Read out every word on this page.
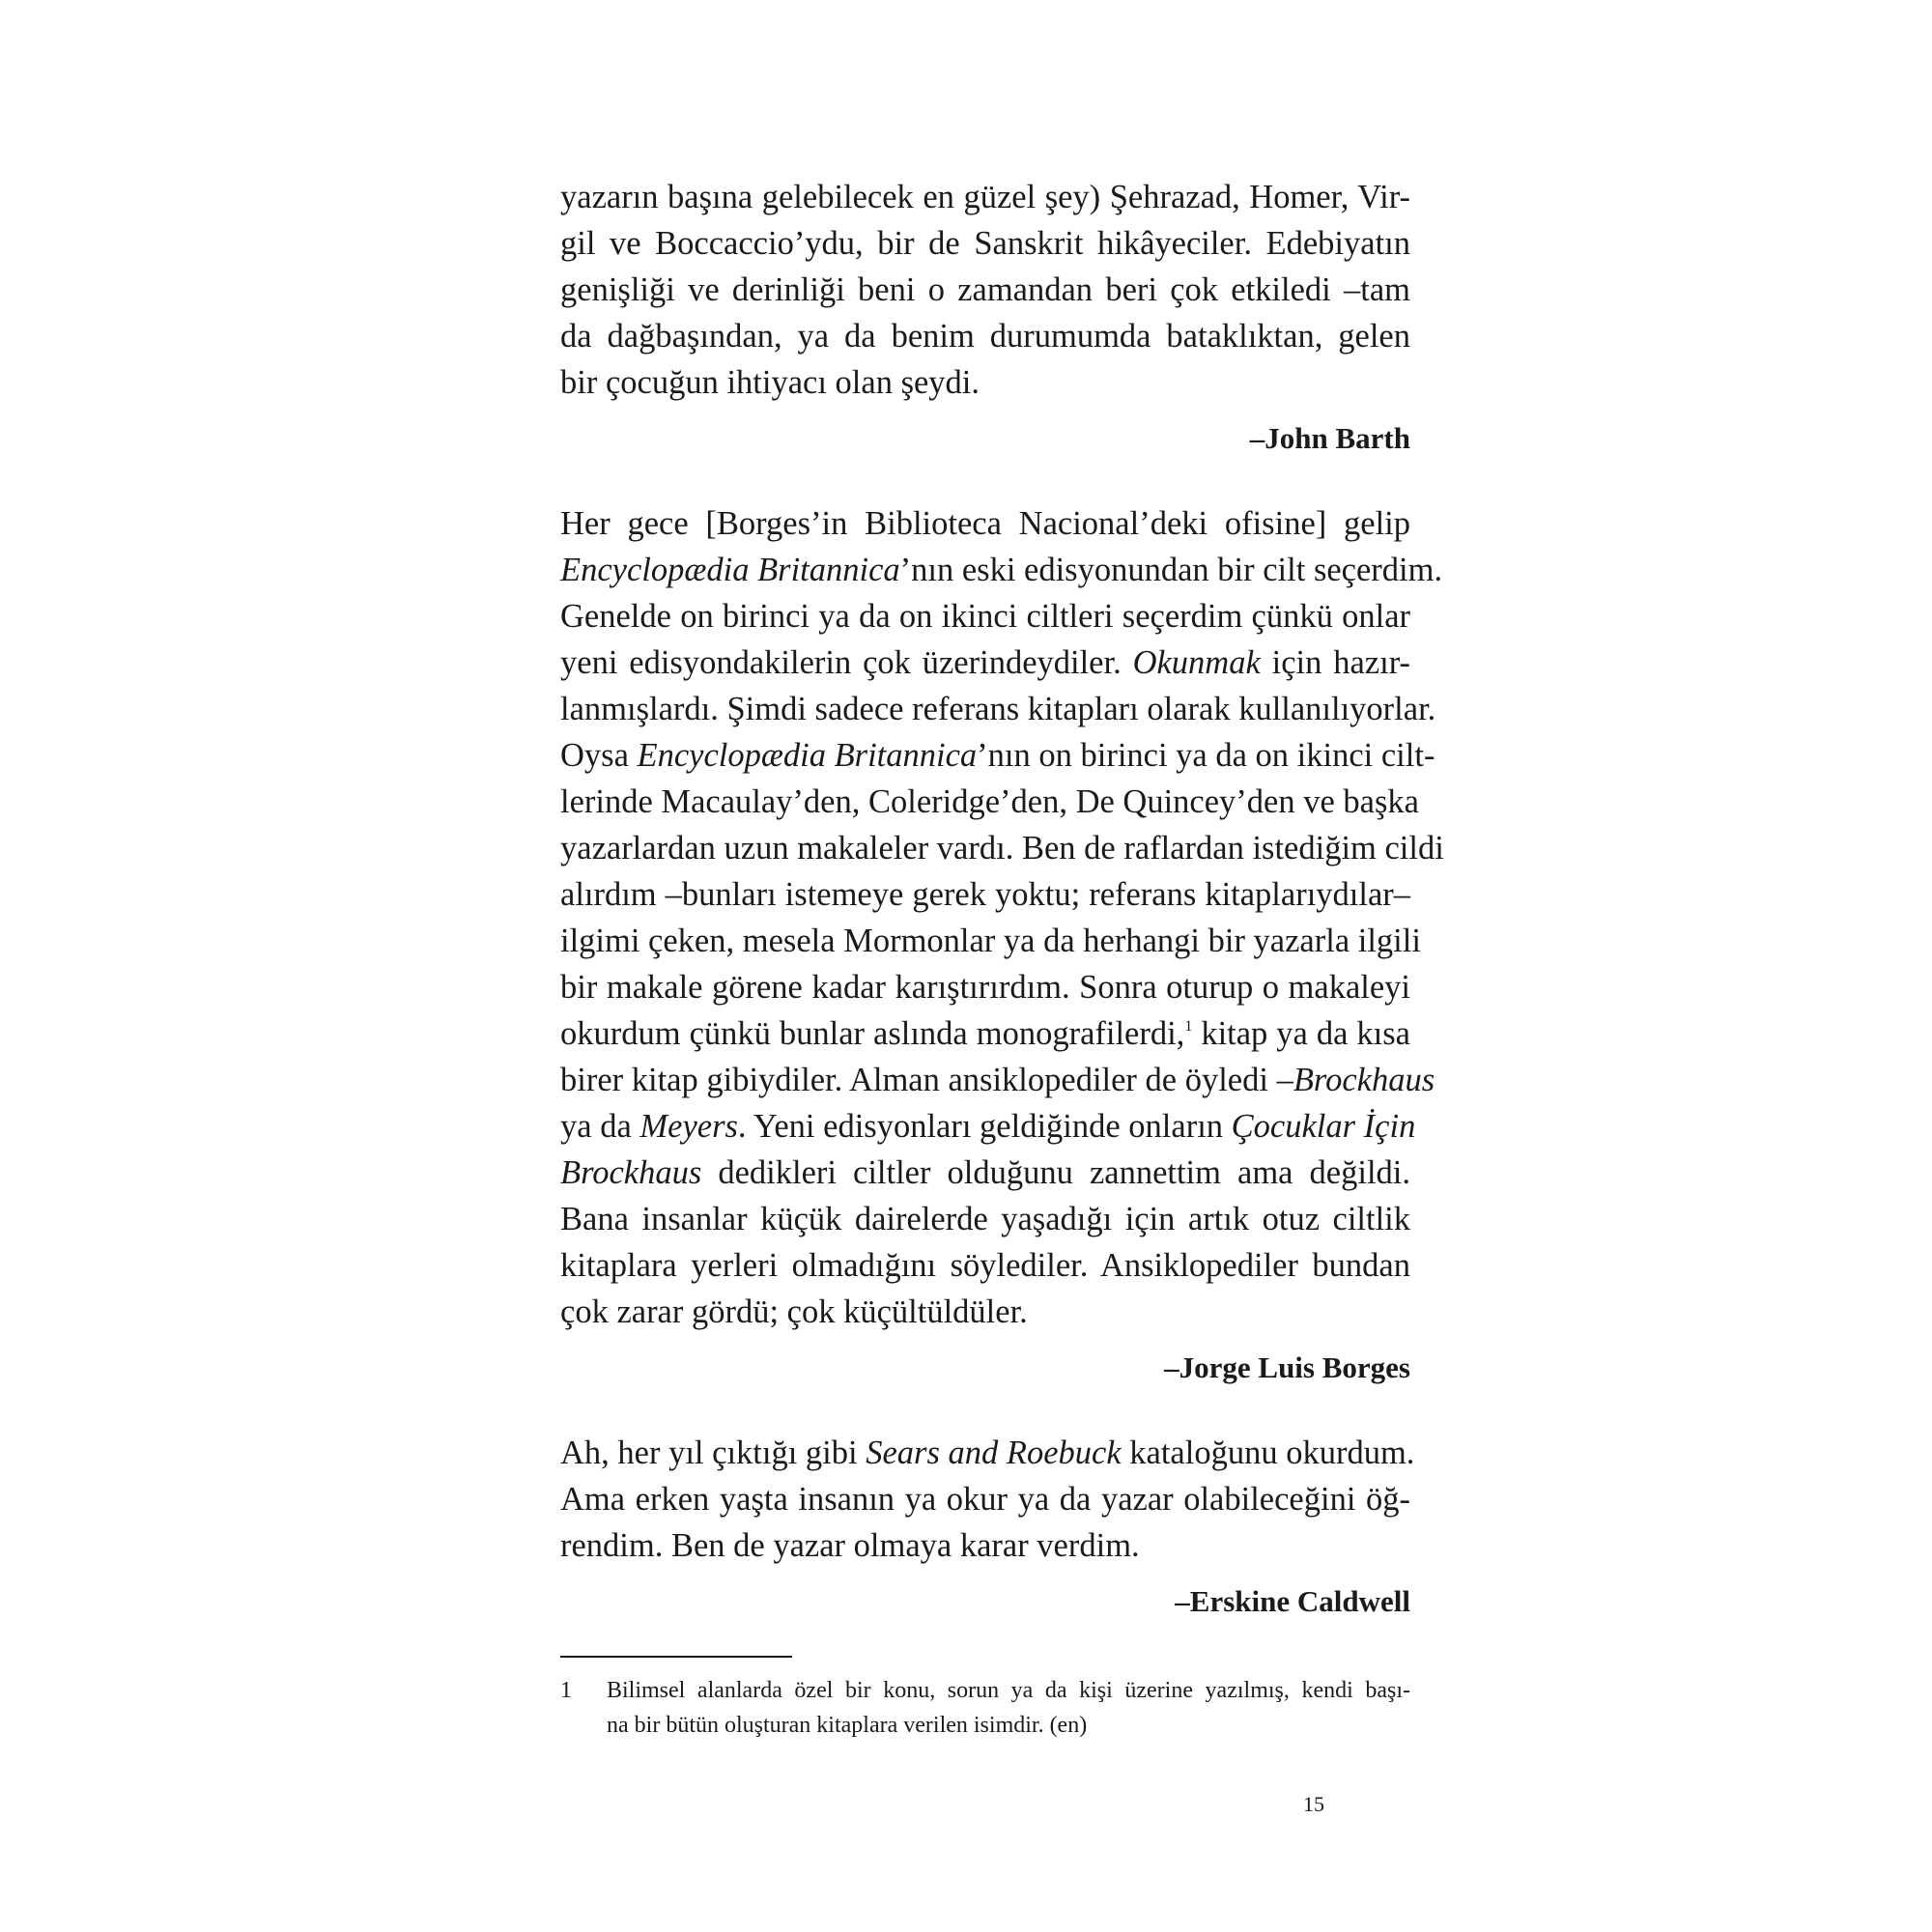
yazarın başına gelebilecek en güzel şey) Şehrazad, Homer, Vir-
gil ve Boccaccio’ydu, bir de Sanskrit hikâyeciler. Edebiyatın
genişliği ve derinliği beni o zamandan beri çok etkiledi –tam
da dağbaşından, ya da benim durumumda bataklıktan, gelen
bir çocuğun ihtiyacı olan şeydi.
–John Barth
Her gece [Borges’in Biblioteca Nacional’deki ofisine] gelip
Encyclopædia Britannica’nın eski edisyonundan bir cilt seçerdim.
Genelde on birinci ya da on ikinci ciltleri seçerdim çünkü onlar
yeni edisyondakilerin çok üzerindeydiler. Okunmak için hazır-
lanmışlardı. Şimdi sadece referans kitapları olarak kullanılıyorlar.
Oysa Encyclopædia Britannica’nın on birinci ya da on ikinci cilt-
lerinde Macaulay’den, Coleridge’den, De Quincey’den ve başka
yazarlardan uzun makaleler vardı. Ben de raflardan istediğim cildi
alırdım –bunları istemeye gerek yoktu; referans kitaplarıydılar–
ilgimi çeken, mesela Mormonlar ya da herhangi bir yazarla ilgili
bir makale görene kadar karıştırırdım. Sonra oturup o makaleyi
okurdum çünkü bunlar aslında monografilerdi,$^1$ kitap ya da kısa
birer kitap gibiydiler. Alman ansiklopediler de öyledi –Brockhaus
ya da Meyers. Yeni edisyonları geldiğinde onların Çocuklar İçin
Brockhaus dedikleri ciltler olduğunu zannettim ama değildi.
Bana insanlar küçük dairelerde yaşadığı için artık otuz ciltlik
kitaplara yerleri olmadığını söylediler. Ansiklopediler bundan
çok zarar gördü; çok küçültüldüler.
–Jorge Luis Borges
Ah, her yıl çıktığı gibi Sears and Roebuck kataloğunu okurdum.
Ama erken yaşta insanın ya okur ya da yazar olabileceğini öğ-
rendim. Ben de yazar olmaya karar verdim.
–Erskine Caldwell
1	Bilimsel alanlarda özel bir konu, sorun ya da kişi üzerine yazılmış, kendi başı-
na bir bütün oluşturan kitaplara verilen isimdir. (en)
15
